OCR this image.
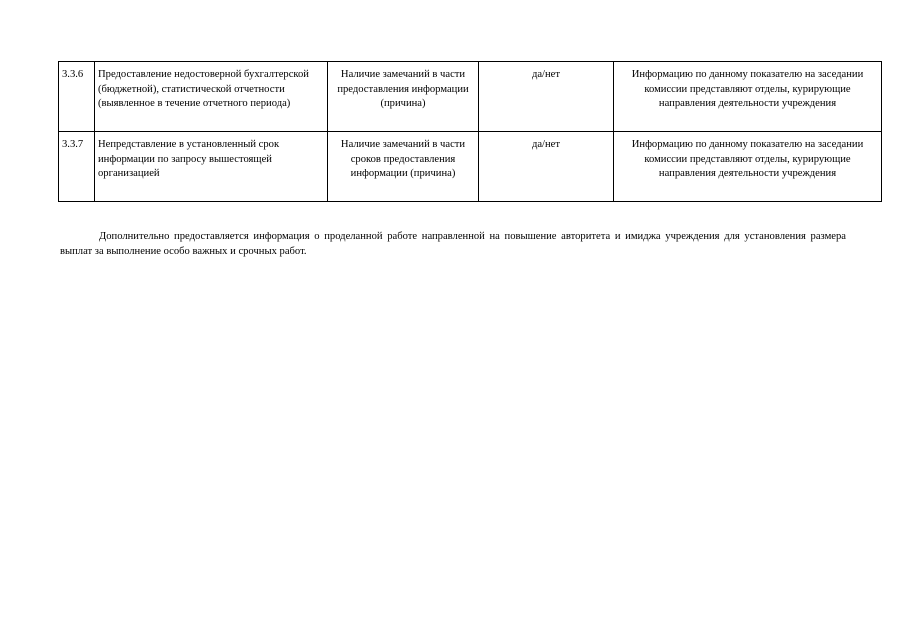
3.3.6	Предоставление недостоверной бухгалтерской (бюджетной), статистической отчетности (выявленное в течение отчетного периода)	Наличие замечаний в части предоставления информации (причина)	да/нет	Информацию по данному показателю на заседании комиссии представляют отделы, курирующие направления деятельности учреждения
3.3.7	Непредставление в установленный срок информации по запросу вышестоящей организацией	Наличие замечаний в части сроков предоставления информации (причина)	да/нет	Информацию по данному показателю на заседании комиссии представляют отделы, курирующие направления деятельности учреждения

Дополнительно предоставляется информация о проделанной работе направленной на повышение авторитета и имиджа учреждения для установления размера выплат за выполнение особо важных и срочных работ.
